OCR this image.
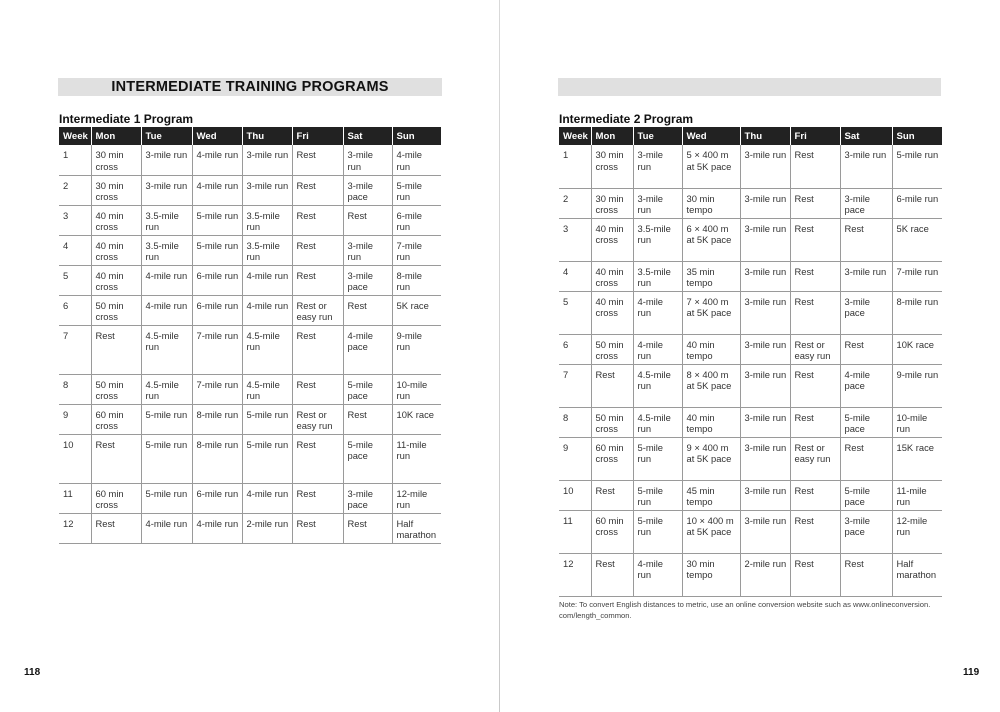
INTERMEDIATE TRAINING PROGRAMS
Intermediate 1 Program
Week	Mon	Tue	Wed	Thu	Fri	Sat	Sun
1	30 min
cross	3-mile run	4-mile run	3-mile run	Rest	3-mile run	4-mile run
2	30 min
cross	3-mile run	4-mile run	3-mile run	Rest	3-mile
pace	5-mile run
3	40 min
cross	3.5-mile
run	5-mile run	3.5-mile
run	Rest	Rest	6-mile run
4	40 min
cross	3.5-mile
run	5-mile run	3.5-mile
run	Rest	3-mile run	7-mile run
5	40 min
cross	4-mile run	6-mile run	4-mile run	Rest	3-mile
pace	8-mile run
6	50 min
cross	4-mile run	6-mile run	4-mile run	Rest or
easy run	Rest	5K race
7	Rest	4.5-mile
run	7-mile run	4.5-mile
run	Rest	4-mile
pace	9-mile run
8	50 min
cross	4.5-mile
run	7-mile run	4.5-mile
run	Rest	5-mile
pace	10-mile
run
9	60 min
cross	5-mile run	8-mile run	5-mile run	Rest or
easy run	Rest	10K race
10	Rest	5-mile run	8-mile run	5-mile run	Rest	5-mile
pace	11-mile
run
11	60 min
cross	5-mile run	6-mile run	4-mile run	Rest	3-mile
pace	12-mile
run
12	Rest	4-mile run	4-mile run	2-mile run	Rest	Rest	Half
marathon
118
Intermediate 2 Program
Week	Mon	Tue	Wed	Thu	Fri	Sat	Sun
1	30 min
cross	3-mile run	5 × 400 m
at 5K pace	3-mile run	Rest	3-mile run	5-mile run
2	30 min
cross	3-mile run	30 min
tempo	3-mile run	Rest	3-mile
pace	6-mile run
3	40 min
cross	3.5-mile
run	6 × 400 m
at 5K pace	3-mile run	Rest	Rest	5K race
4	40 min
cross	3.5-mile
run	35 min
tempo	3-mile run	Rest	3-mile run	7-mile run
5	40 min
cross	4-mile run	7 × 400 m
at 5K pace	3-mile run	Rest	3-mile
pace	8-mile run
6	50 min
cross	4-mile run	40 min
tempo	3-mile run	Rest or
easy run	Rest	10K race
7	Rest	4.5-mile
run	8 × 400 m
at 5K pace	3-mile run	Rest	4-mile
pace	9-mile run
8	50 min
cross	4.5-mile
run	40 min
tempo	3-mile run	Rest	5-mile
pace	10-mile
run
9	60 min
cross	5-mile run	9 × 400 m
at 5K pace	3-mile run	Rest or
easy run	Rest	15K race
10	Rest	5-mile run	45 min
tempo	3-mile run	Rest	5-mile
pace	11-mile
run
11	60 min
cross	5-mile run	10 × 400 m
at 5K pace	3-mile run	Rest	3-mile
pace	12-mile
run
12	Rest	4-mile run	30 min
tempo	2-mile run	Rest	Rest	Half
marathon
Note: To convert English distances to metric, use an online conversion website such as www.onlineconversion.
com/length_common.
119
